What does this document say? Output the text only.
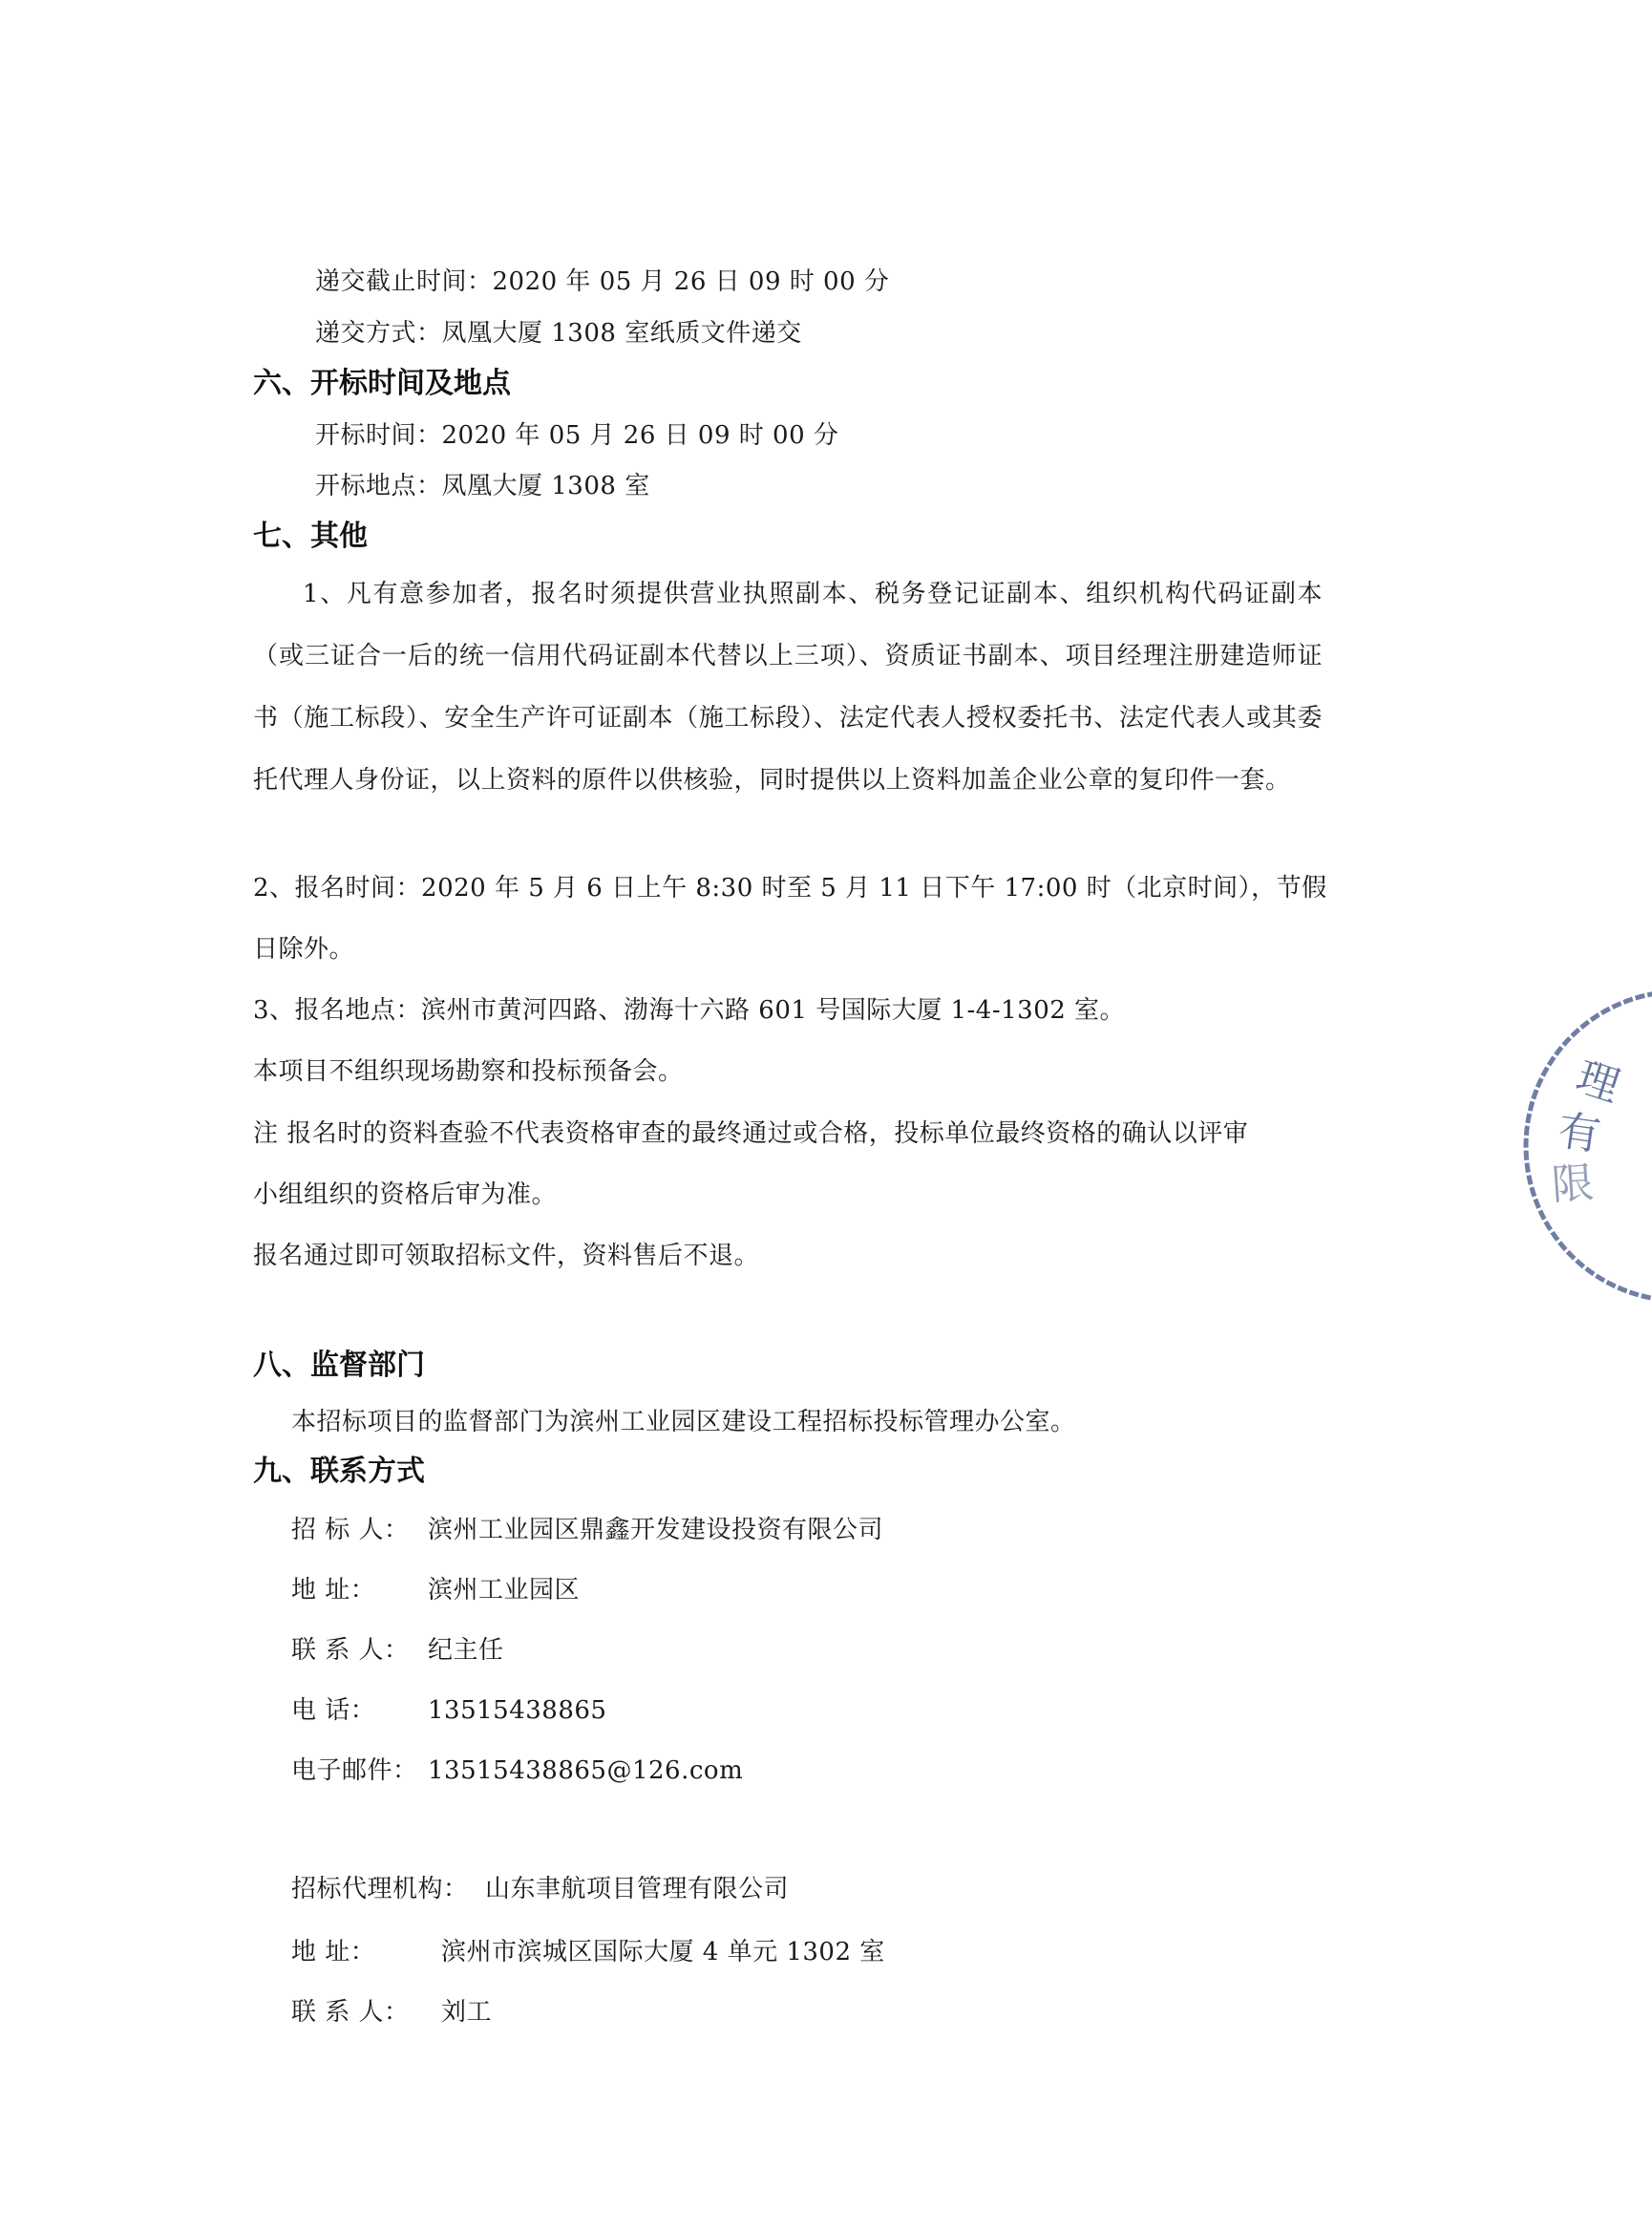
递交截止时间：2020 年 05 月 26 日 09 时 00 分
递交方式：凤凰大厦 1308 室纸质文件递交
六、开标时间及地点
开标时间：2020 年 05 月 26 日 09 时 00 分
开标地点：凤凰大厦 1308 室
七、其他

1、凡有意参加者，报名时须提供营业执照副本、税务登记证副本、组织机构代码证副本（或三证合一后的统一信用代码证副本代替以上三项）、资质证书副本、项目经理注册建造师证书（施工标段）、安全生产许可证副本（施工标段）、法定代表人授权委托书、法定代表人或其委托代理人身份证，以上资料的原件以供核验，同时提供以上资料加盖企业公章的复印件一套。

2、报名时间：2020 年 5 月 6 日上午 8:30 时至 5 月 11 日下午 17:00 时（北京时间），节假
日除外。
3、报名地点：滨州市黄河四路、渤海十六路 601 号国际大厦 1-4-1302 室。
本项目不组织现场勘察和投标预备会。
注 报名时的资料查验不代表资格审查的最终通过或合格，投标单位最终资格的确认以评审
小组组织的资格后审为准。
报名通过即可领取招标文件，资料售后不退。
八、监督部门
本招标项目的监督部门为滨州工业园区建设工程招标投标管理办公室。
九、联系方式
招 标 人： 滨州工业园区鼎鑫开发建设投资有限公司
地 址： 滨州工业园区
联 系 人： 纪主任
电 话： 13515438865
电子邮件： 13515438865@126.com
招标代理机构： 山东聿航项目管理有限公司
地 址：	滨州市滨城区国际大厦 4 单元 1302 室
联 系 人： 刘工
理
有
限
